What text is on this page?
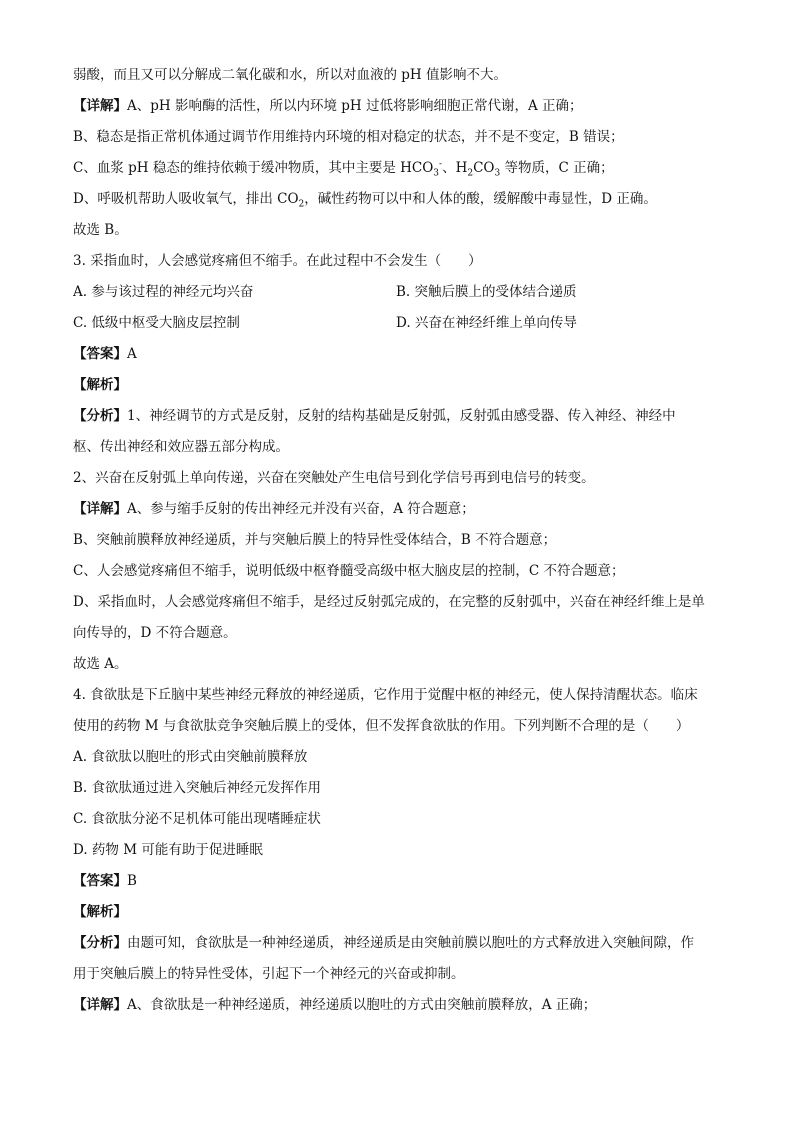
弱酸，而且又可以分解成二氧化碳和水，所以对血液的 pH 值影响不大。
【详解】A、pH 影响酶的活性，所以内环境 pH 过低将影响细胞正常代谢，A 正确；
B、稳态是指正常机体通过调节作用维持内环境的相对稳定的状态，并不是不变定，B 错误；
C、血浆 pH 稳态的维持依赖于缓冲物质，其中主要是 $HCO_3^-$、$H_2CO_3$ 等物质，C 正确；
D、呼吸机帮助人吸收氧气，排出 $CO_2$，碱性药物可以中和人体的酸，缓解酸中毒显性，D 正确。
故选 B。
3. 采指血时，人会感觉疼痛但不缩手。在此过程中不会发生（　　）
A. 参与该过程的神经元均兴奋	B. 突触后膜上的受体结合递质
C. 低级中枢受大脑皮层控制	D. 兴奋在神经纤维上单向传导
【答案】A
【解析】
【分析】1、神经调节的方式是反射，反射的结构基础是反射弧，反射弧由感受器、传入神经、神经中
枢、传出神经和效应器五部分构成。
2、兴奋在反射弧上单向传递，兴奋在突触处产生电信号到化学信号再到电信号的转变。
【详解】A、参与缩手反射的传出神经元并没有兴奋，A 符合题意；
B、突触前膜释放神经递质，并与突触后膜上的特异性受体结合，B 不符合题意；
C、人会感觉疼痛但不缩手，说明低级中枢脊髓受高级中枢大脑皮层的控制，C 不符合题意；
D、采指血时，人会感觉疼痛但不缩手，是经过反射弧完成的，在完整的反射弧中，兴奋在神经纤维上是单
向传导的，D 不符合题意。
故选 A。
4. 食欲肽是下丘脑中某些神经元释放的神经递质，它作用于觉醒中枢的神经元，使人保持清醒状态。临床
使用的药物 M 与食欲肽竞争突触后膜上的受体，但不发挥食欲肽的作用。下列判断不合理的是（　　）
A. 食欲肽以胞吐的形式由突触前膜释放
B. 食欲肽通过进入突触后神经元发挥作用
C. 食欲肽分泌不足机体可能出现嗜睡症状
D. 药物 M 可能有助于促进睡眠
【答案】B
【解析】
【分析】由题可知，食欲肽是一种神经递质，神经递质是由突触前膜以胞吐的方式释放进入突触间隙，作
用于突触后膜上的特异性受体，引起下一个神经元的兴奋或抑制。
【详解】A、食欲肽是一种神经递质，神经递质以胞吐的方式由突触前膜释放，A 正确；
